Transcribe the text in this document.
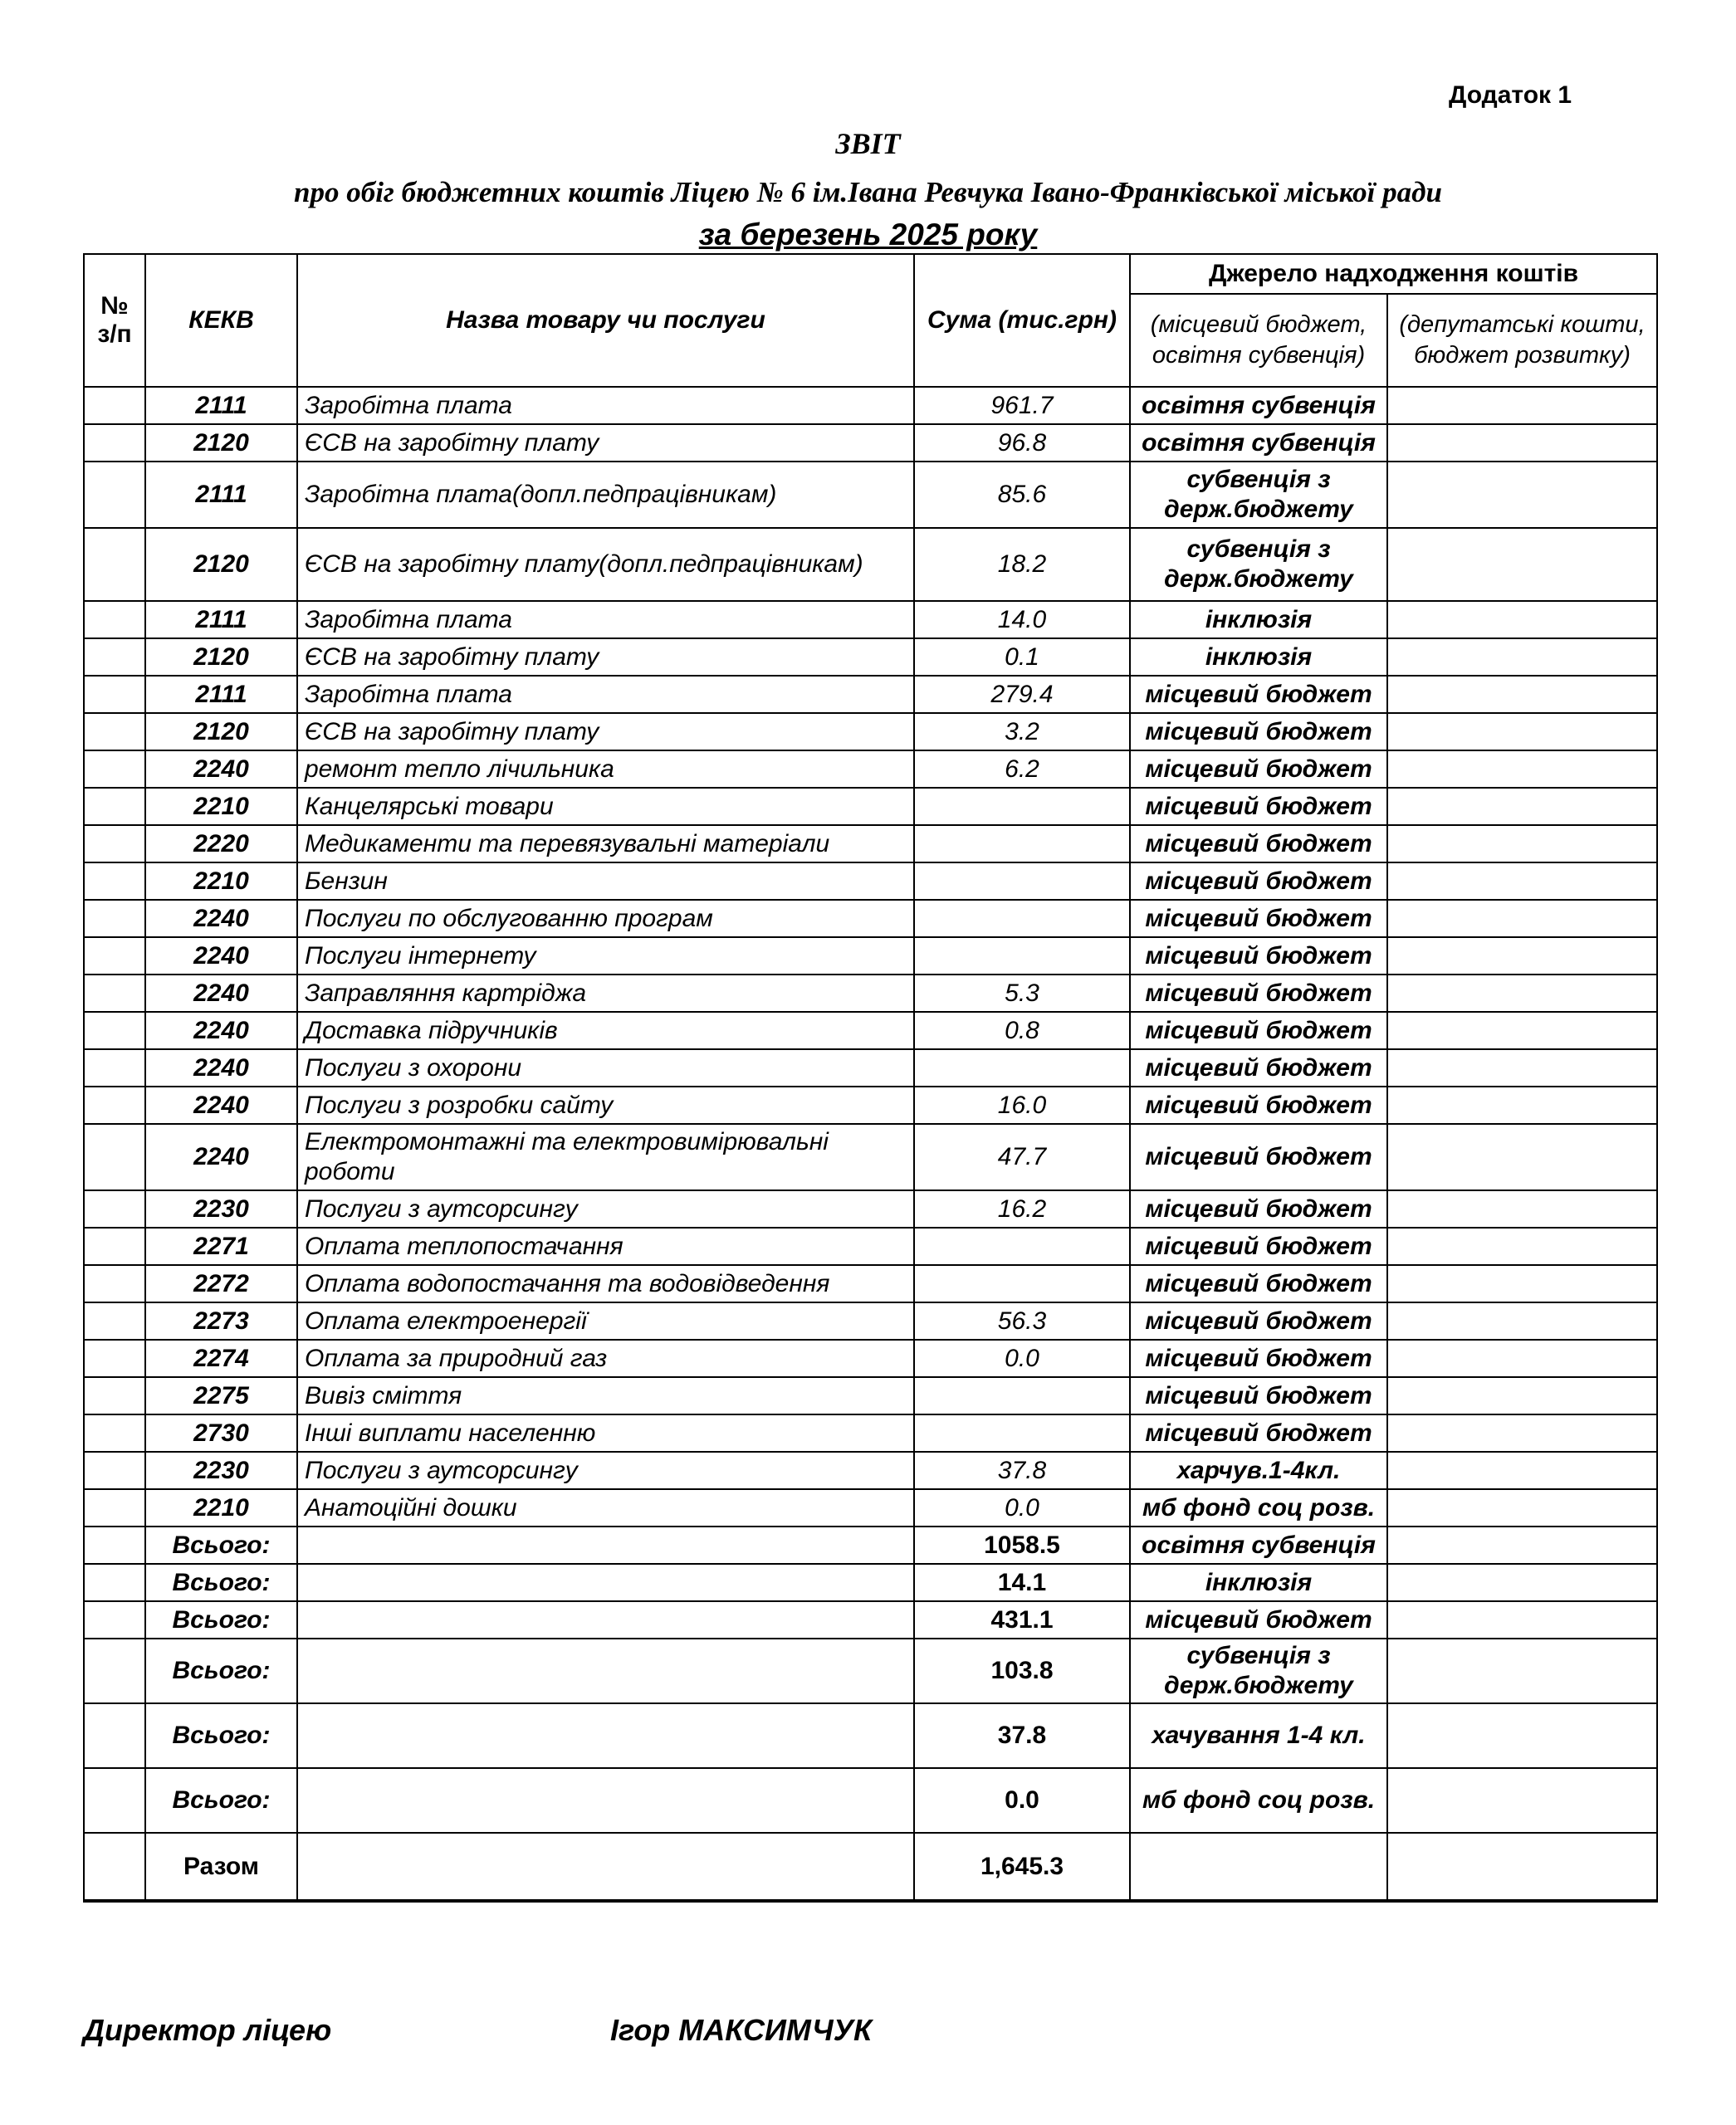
Додаток 1
ЗВІТ
про обіг бюджетних коштів Ліцею № 6 ім.Івана Ревчука Івано-Франківської міської ради
за березень 2025 року
№ з/п	КЕКВ	Назва товару чи послуги	Сума (тис.грн)	Джерело надходження коштів	
				(місцевий бюджет, освітня субвенція)	(депутатські кошти, бюджет розвитку)
	2111	Заробітна плата	961.7	освітня субвенція	
	2120	ЄСВ на заробітну плату	96.8	освітня субвенція	
	2111	Заробітна плата(допл.педпрацівникам)	85.6	субвенція з держ.бюджету	
	2120	ЄСВ на заробітну плату(допл.педпрацівникам)	18.2	субвенція з держ.бюджету	
	2111	Заробітна плата	14.0	інклюзія	
	2120	ЄСВ на заробітну плату	0.1	інклюзія	
	2111	Заробітна плата	279.4	місцевий бюджет	
	2120	ЄСВ на заробітну плату	3.2	місцевий бюджет	
	2240	ремонт тепло лічильника	6.2	місцевий бюджет	
	2210	Канцелярські товари		місцевий бюджет	
	2220	Медикаменти та перевязувальні матеріали		місцевий бюджет	
	2210	Бензин		місцевий бюджет	
	2240	Послуги по обслугованню програм		місцевий бюджет	
	2240	Послуги інтернету		місцевий бюджет	
	2240	Заправляння картріджа	5.3	місцевий бюджет	
	2240	Доставка підручників	0.8	місцевий бюджет	
	2240	Послуги з охорони		місцевий бюджет	
	2240	Послуги з розробки сайту	16.0	місцевий бюджет	
	2240	Електромонтажні та електровимірювальні роботи	47.7	місцевий бюджет	
	2230	Послуги з аутсорсингу	16.2	місцевий бюджет	
	2271	Оплата теплопостачання		місцевий бюджет	
	2272	Оплата водопостачання та водовідведення		місцевий бюджет	
	2273	Оплата електроенергії	56.3	місцевий бюджет	
	2274	Оплата за природний газ	0.0	місцевий бюджет	
	2275	Вивіз сміття		місцевий бюджет	
	2730	Інші виплати населенню		місцевий бюджет	
	2230	Послуги з аутсорсингу	37.8	харчув.1-4кл.	
	2210	Анатоційні дошки	0.0	мб фонд соц розв.	
	Всього:		1058.5	освітня субвенція	
	Всього:		14.1	інклюзія	
	Всього:		431.1	місцевий бюджет	
	Всього:		103.8	субвенція з держ.бюджету	
	Всього:		37.8	хачування 1-4 кл.	
	Всього:		0.0	мб фонд соц розв.	
	Разом		1,645.3		
Директор ліцею	Ігор МАКСИМЧУК
